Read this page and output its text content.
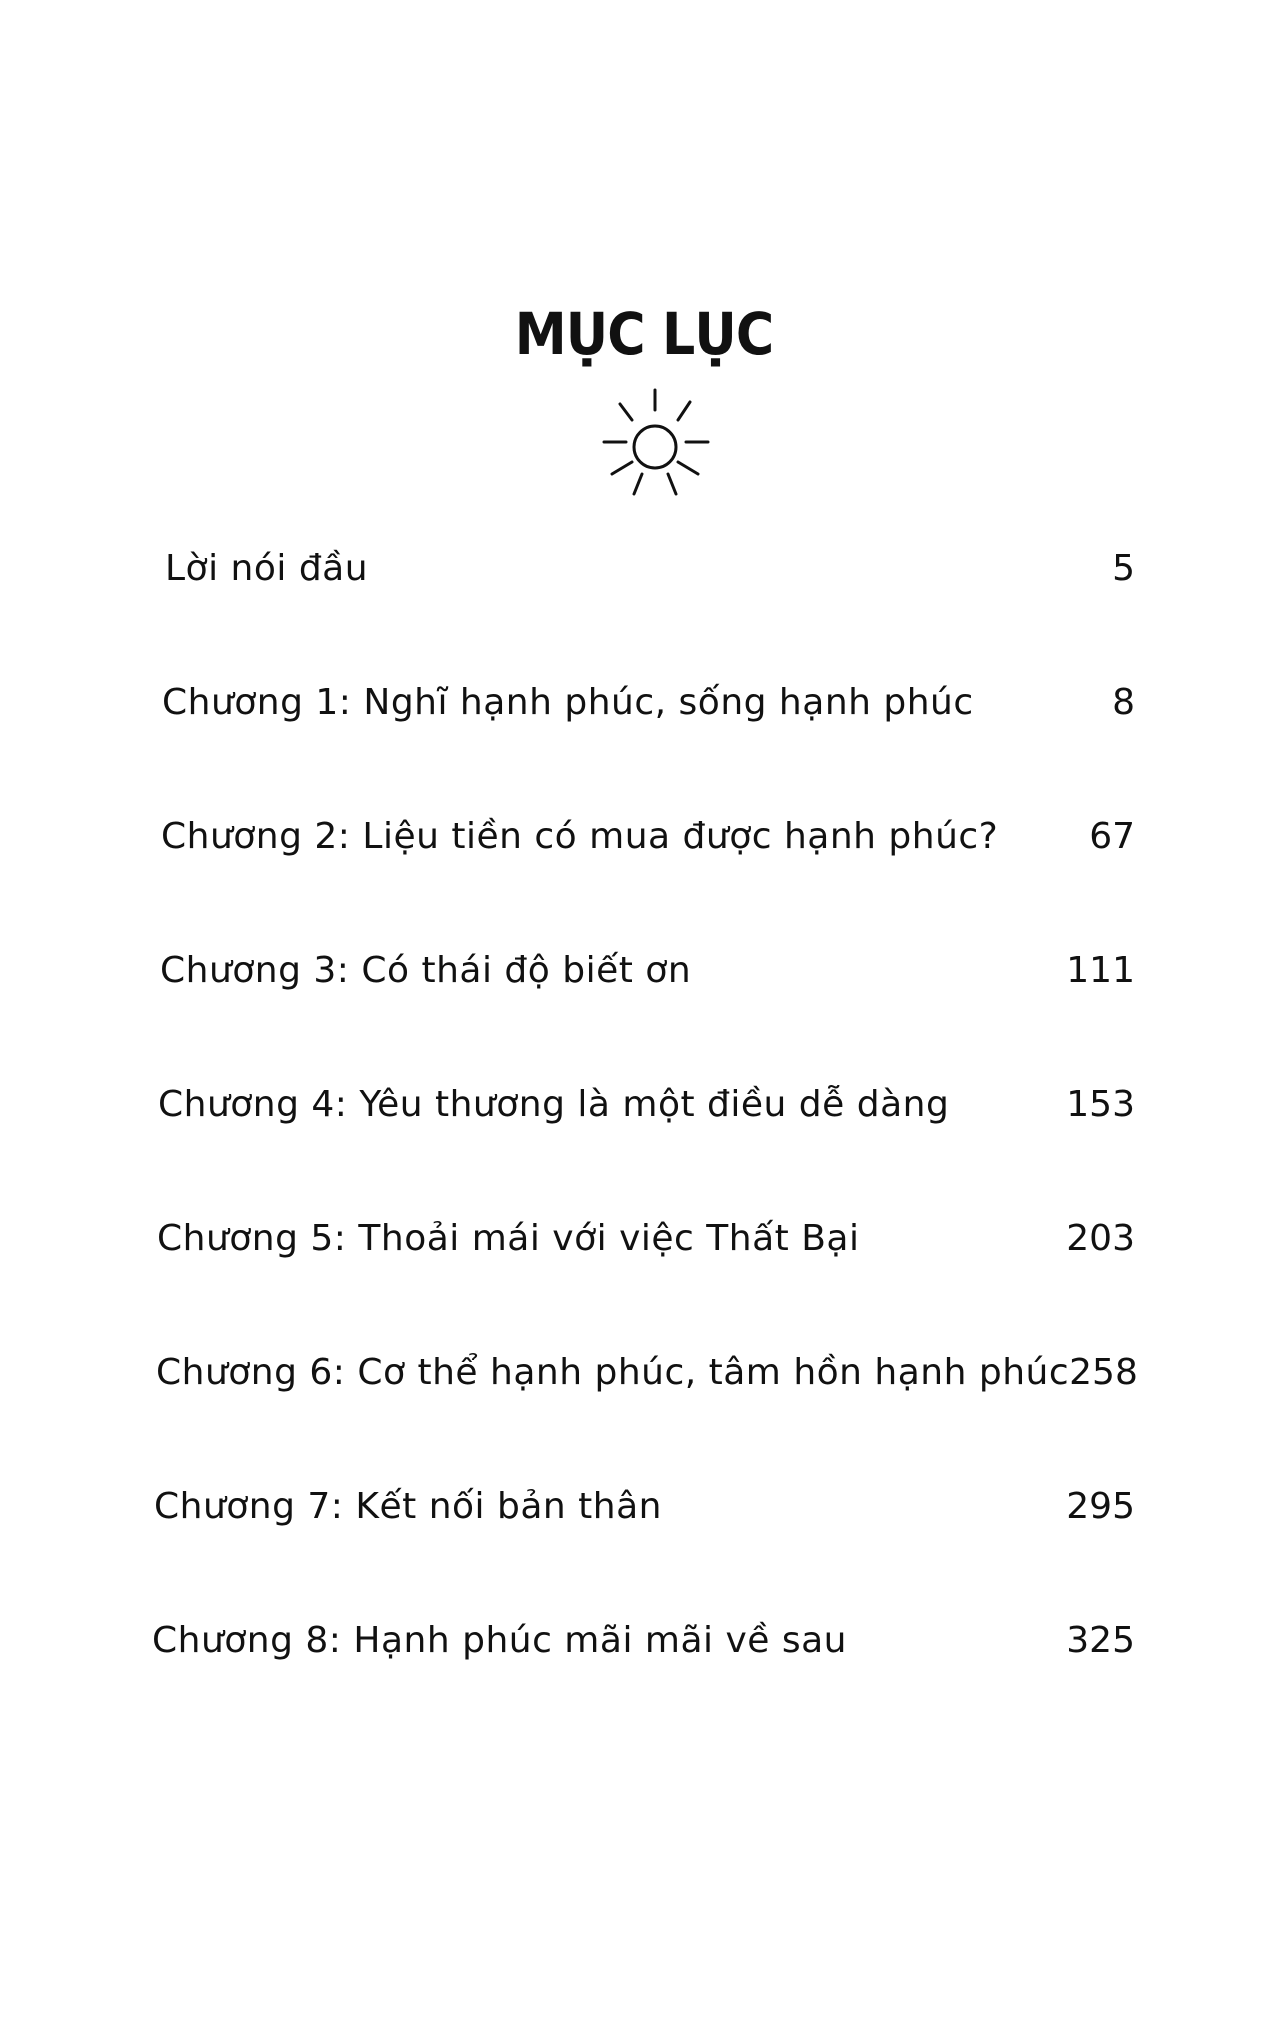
MỤC LỤC
Lời nói đầu	5
Chương 1: Nghĩ hạnh phúc, sống hạnh phúc	8
Chương 2: Liệu tiền có mua được hạnh phúc?	67
Chương 3: Có thái độ biết ơn	111
Chương 4: Yêu thương là một điều dễ dàng	153
Chương 5: Thoải mái với việc Thất Bại	203
Chương 6: Cơ thể hạnh phúc, tâm hồn hạnh phúc 258
Chương 7: Kết nối bản thân	295
Chương 8: Hạnh phúc mãi mãi về sau	325
